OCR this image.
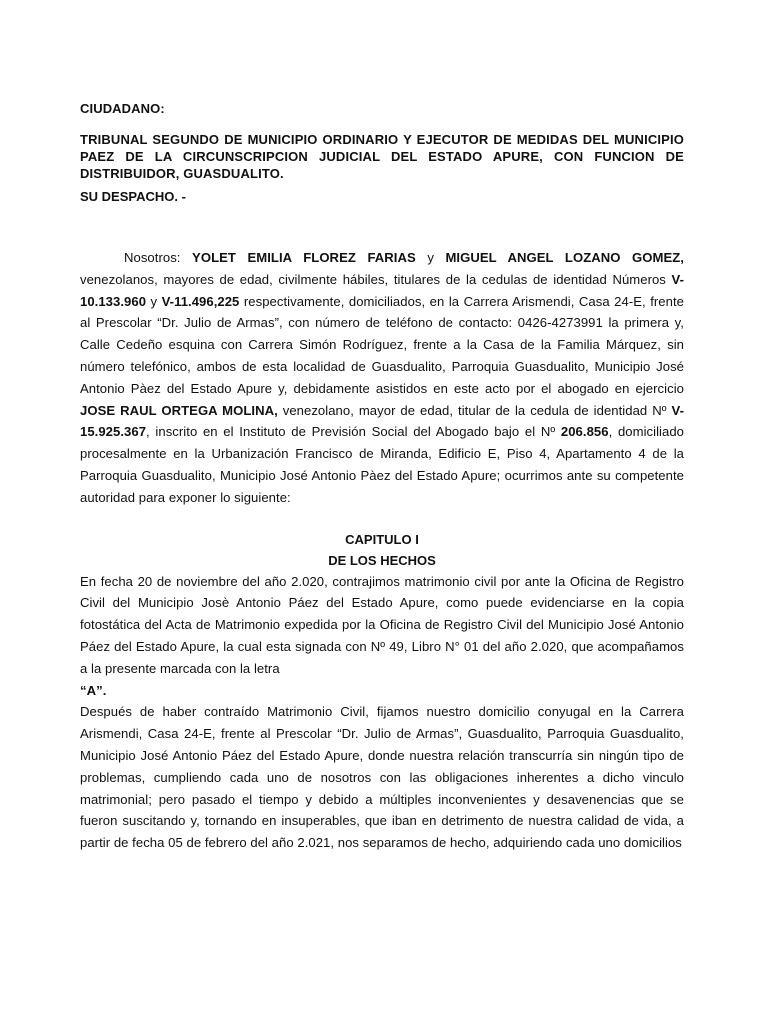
CIUDADANO:

TRIBUNAL SEGUNDO DE MUNICIPIO ORDINARIO Y EJECUTOR DE MEDIDAS DEL MUNICIPIO PAEZ DE LA CIRCUNSCRIPCION JUDICIAL DEL ESTADO APURE, CON FUNCION DE DISTRIBUIDOR, GUASDUALITO.

SU DESPACHO. -

Nosotros: YOLET EMILIA FLOREZ FARIAS y MIGUEL ANGEL LOZANO GOMEZ, venezolanos, mayores de edad, civilmente hábiles, titulares de la cedulas de identidad Números V-10.133.960 y V-11.496,225 respectivamente, domiciliados, en la Carrera Arismendi, Casa 24-E, frente al Prescolar “Dr. Julio de Armas”, con número de teléfono de contacto: 0426-4273991 la primera y, Calle Cedeño esquina con Carrera Simón Rodríguez, frente a la Casa de la Familia Márquez, sin número telefónico, ambos de esta localidad de Guasdualito, Parroquia Guasdualito, Municipio José Antonio Pàez del Estado Apure y, debidamente asistidos en este acto por el abogado en ejercicio JOSE RAUL ORTEGA MOLINA, venezolano, mayor de edad, titular de la cedula de identidad Nº V-15.925.367, inscrito en el Instituto de Previsión Social del Abogado bajo el Nº 206.856, domiciliado procesalmente en la Urbanización Francisco de Miranda, Edificio E, Piso 4, Apartamento 4 de la Parroquia Guasdualito, Municipio José Antonio Pàez del Estado Apure; ocurrimos ante su competente autoridad para exponer lo siguiente:

CAPITULO I

DE LOS HECHOS

En fecha 20 de noviembre del año 2.020, contrajimos matrimonio civil por ante la Oficina de Registro Civil del Municipio Josè Antonio Páez del Estado Apure, como puede evidenciarse en la copia fotostática del Acta de Matrimonio expedida por la Oficina de Registro Civil del Municipio José Antonio Páez del Estado Apure, la cual esta signada con Nº 49, Libro N° 01 del año 2.020, que acompañamos a la presente marcada con la letra
“A”.

Después de haber contraído Matrimonio Civil, fijamos nuestro domicilio conyugal en la Carrera Arismendi, Casa 24-E, frente al Prescolar “Dr. Julio de Armas”, Guasdualito, Parroquia Guasdualito, Municipio José Antonio Páez del Estado Apure, donde nuestra relación transcurría sin ningún tipo de problemas, cumpliendo cada uno de nosotros con las obligaciones inherentes a dicho vinculo matrimonial; pero pasado el tiempo y debido a múltiples inconvenientes y desavenencias que se fueron suscitando y, tornando en insuperables, que iban en detrimento de nuestra calidad de vida, a partir de fecha 05 de febrero del año 2.021, nos separamos de hecho, adquiriendo cada uno domicilios
